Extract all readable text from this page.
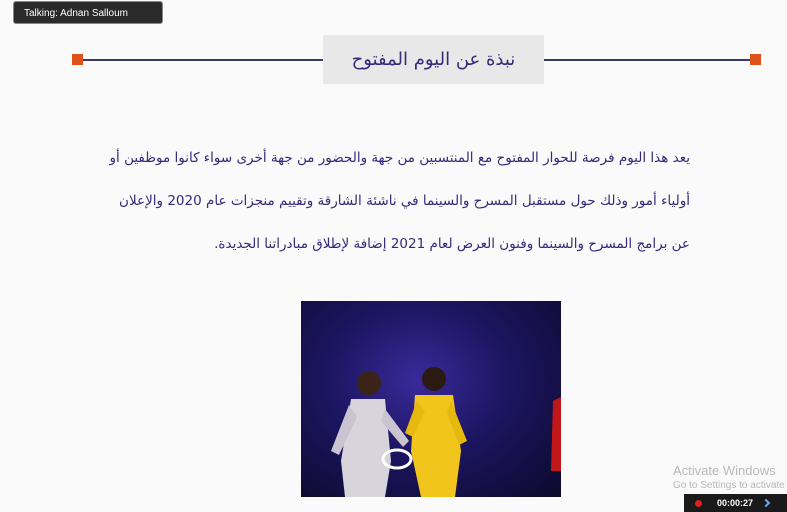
Talking: Adnan Salloum
نبذة عن اليوم المفتوح

يعد هذا اليوم فرصة للحوار المفتوح مع المنتسبين من جهة والحضور من جهة أخرى سواء كانوا موظفين أو

أولياء أمور وذلك حول مستقبل المسرح والسينما في ناشئة الشارقة وتقييم منجزات عام 2020 والإعلان

عن برامج المسرح والسينما وفنون العرض لعام 2021 إضافة لإطلاق مبادراتنا الجديدة.

Activate Windows
Go to Settings to activate
00:00:27
